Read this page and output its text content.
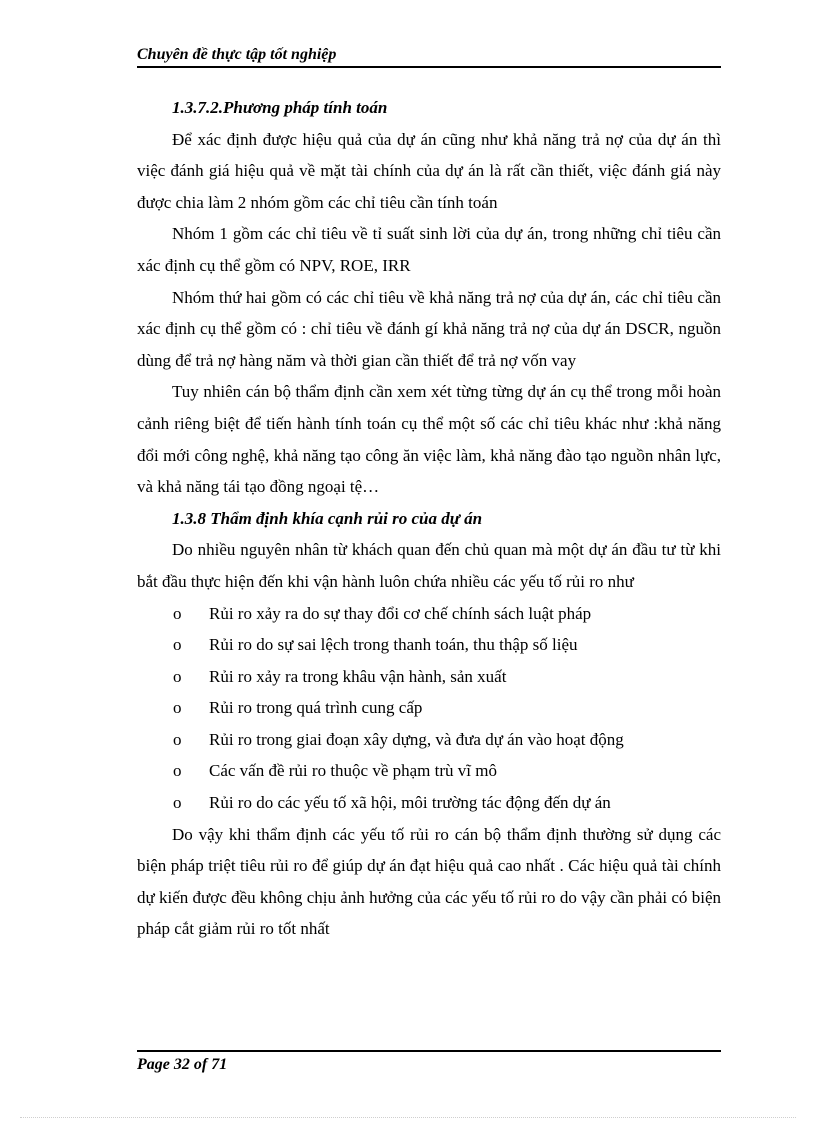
Chuyên đề thực tập tốt nghiệp
1.3.7.2.Phương pháp tính toán
Để xác định được hiệu quả của dự án cũng như khả năng trả nợ của dự án thì việc đánh giá hiệu quả về mặt tài chính của dự án là rất cần thiết, việc đánh giá này được chia làm 2 nhóm gồm các chỉ tiêu cần tính toán
Nhóm 1 gồm các chỉ tiêu về tỉ suất sinh lời của dự án, trong những chỉ tiêu cần xác định cụ thể gồm có NPV, ROE, IRR
Nhóm thứ hai gồm có các chỉ tiêu về khả năng trả nợ của dự án, các chỉ tiêu cần xác định cụ thể gồm có : chỉ tiêu về đánh gí khả năng trả nợ của dự án DSCR, nguồn dùng để trả nợ hàng năm và thời gian cần thiết để trả nợ vốn vay
Tuy nhiên cán bộ thẩm định cần xem xét từng từng dự án cụ thể trong mỗi hoàn cảnh riêng biệt để tiến hành tính toán cụ thể một số các chỉ tiêu khác như :khả năng đổi mới công nghệ, khả năng tạo công ăn việc làm, khả năng đào tạo nguồn nhân lực, và khả năng tái tạo đồng ngoại tệ…
1.3.8 Thẩm định khía cạnh rủi ro của dự án
Do nhiều nguyên nhân từ khách quan đến chủ quan mà một dự án đầu tư từ khi bắt đầu thực hiện đến khi vận hành luôn chứa nhiều các yếu tố rủi ro như
o	Rủi ro xảy ra do sự thay đổi cơ chế chính sách luật pháp
o	Rủi ro do sự sai lệch trong thanh toán, thu thập số liệu
o	Rủi ro xảy ra trong khâu vận hành, sản xuất
o	Rủi ro trong quá trình cung cấp
o	Rủi ro trong giai đoạn xây dựng, và đưa dự án vào hoạt động
o	Các vấn đề rủi ro thuộc về phạm trù vĩ mô
o	Rủi ro do các yếu tố xã hội, môi trường tác động đến dự án
Do vậy khi thẩm định các yếu tố rủi ro cán bộ thẩm định thường sử dụng các biện pháp triệt tiêu rủi ro để giúp dự án đạt hiệu quả cao nhất . Các hiệu quả tài chính dự kiến được đều không chịu ảnh hưởng của các yếu tố rủi ro do vậy cần phải có biện pháp cắt giảm rủi ro tốt nhất
Page 32 of 71
